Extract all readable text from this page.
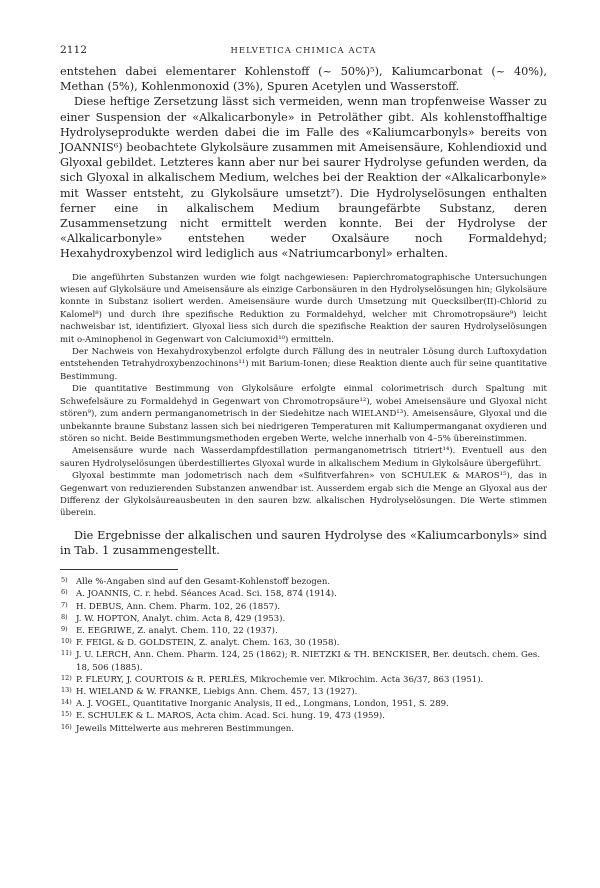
2112	HELVETICA CHIMICA ACTA

entstehen dabei elementarer Kohlenstoff (~ 50%)⁵), Kaliumcarbonat (~ 40%), Methan (5%), Kohlenmonoxid (3%), Spuren Acetylen und Wasserstoff.

Diese heftige Zersetzung lässt sich vermeiden, wenn man tropfenweise Wasser zu einer Suspension der «Alkalicarbonyle» in Petroläther gibt. Als kohlenstoffhaltige Hydrolyseprodukte werden dabei die im Falle des «Kaliumcarbonyls» bereits von JOANNIS⁶) beobachtete Glykolsäure zusammen mit Ameisensäure, Kohlendioxid und Glyoxal gebildet. Letzteres kann aber nur bei saurer Hydrolyse gefunden werden, da sich Glyoxal in alkalischem Medium, welches bei der Reaktion der «Alkalicarbonyle» mit Wasser entsteht, zu Glykolsäure umsetzt⁷). Die Hydrolyselösungen enthalten ferner eine in alkalischem Medium braungefärbte Substanz, deren Zusammensetzung nicht ermittelt werden konnte. Bei der Hydrolyse der «Alkalicarbonyle» entstehen weder Oxalsäure noch Formaldehyd; Hexahydroxybenzol wird lediglich aus «Natriumcarbonyl» erhalten.

Die angeführten Substanzen wurden wie folgt nachgewiesen: Papierchromatographische Untersuchungen wiesen auf Glykolsäure und Ameisensäure als einzige Carbonsäuren in den Hydrolyselösungen hin; Glykolsäure konnte in Substanz isoliert werden. Ameisensäure wurde durch Umsetzung mit Quecksilber(II)-Chlorid zu Kalomel⁸) und durch ihre spezifische Reduktion zu Formaldehyd, welcher mit Chromotropsäure⁹) leicht nachweisbar ist, identifiziert. Glyoxal liess sich durch die spezifische Reaktion der sauren Hydrolyselösungen mit o-Aminophenol in Gegenwart von Calciumoxid¹⁰) ermitteln.

Der Nachweis von Hexahydroxybenzol erfolgte durch Fällung des in neutraler Lösung durch Luftoxydation entstehenden Tetrahydroxybenzochinons¹¹) mit Barium-Ionen; diese Reaktion diente auch für seine quantitative Bestimmung.

Die quantitative Bestimmung von Glykolsäure erfolgte einmal colorimetrisch durch Spaltung mit Schwefelsäure zu Formaldehyd in Gegenwart von Chromotropsäure¹²), wobei Ameisensäure und Glyoxal nicht stören⁹), zum andern permanganometrisch in der Siedehitze nach WIELAND¹³). Ameisensäure, Glyoxal und die unbekannte braune Substanz lassen sich bei niedrigeren Temperaturen mit Kaliumpermanganat oxydieren und stören so nicht. Beide Bestimmungsmethoden ergeben Werte, welche innerhalb von 4–5% übereinstimmen.

Ameisensäure wurde nach Wasserdampfdestillation permanganometrisch titriert¹⁴). Eventuell aus den sauren Hydrolyselösungen überdestilliertes Glyoxal wurde in alkalischem Medium in Glykolsäure übergeführt.

Glyoxal bestimmte man jodometrisch nach dem «Sulfitverfahren» von SCHULEK & MAROS¹⁵), das in Gegenwart von reduzierenden Substanzen anwendbar ist. Ausserdem ergab sich die Menge an Glyoxal aus der Differenz der Glykolsäureausbeuten in den sauren bzw. alkalischen Hydrolyselösungen. Die Werte stimmen überein.

Die Ergebnisse der alkalischen und sauren Hydrolyse des «Kaliumcarbonyls» sind in Tab. 1 zusammengestellt.

5) Alle %-Angaben sind auf den Gesamt-Kohlenstoff bezogen.
6) A. JOANNIS, C. r. hebd. Séances Acad. Sci. 158, 874 (1914).
7) H. DEBUS, Ann. Chem. Pharm. 102, 26 (1857).
8) J. W. HOPTON, Analyt. chim. Acta 8, 429 (1953).
9) E. EEGRIWE, Z. analyt. Chem. 110, 22 (1937).
10) F. FEIGL & D. GOLDSTEIN, Z. analyt. Chem. 163, 30 (1958).
11) J. U. LERCH, Ann. Chem. Pharm. 124, 25 (1862); R. NIETZKI & TH. BENCKISER, Ber. deutsch. chem. Ges. 18, 506 (1885).
12) P. FLEURY, J. COURTOIS & R. PERLÈS, Mikrochemie ver. Mikrochim. Acta 36/37, 863 (1951).
13) H. WIELAND & W. FRANKE, Liebigs Ann. Chem. 457, 13 (1927).
14) A. J. VOGEL, Quantitative Inorganic Analysis, II ed., Longmans, London, 1951, S. 289.
15) E. SCHULEK & L. MAROS, Acta chim. Acad. Sci. hung. 19, 473 (1959).
16) Jeweils Mittelwerte aus mehreren Bestimmungen.
